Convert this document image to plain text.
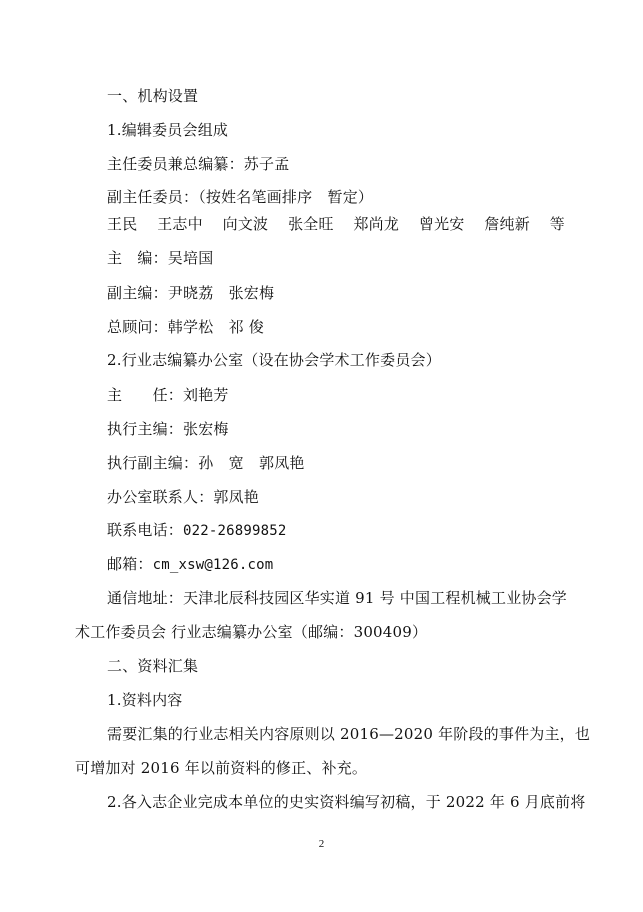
一、机构设置
1.编辑委员会组成
主任委员兼总编纂：苏子孟
副主任委员：（按姓名笔画排序　暂定）
王民 王志中 向文波 张全旺 郑尚龙 曾光安 詹纯新 等
主　编：吴培国
副主编：尹晓荔　张宏梅
总顾问：韩学松　祁 俊
2.行业志编纂办公室（设在协会学术工作委员会）
主　　任：刘艳芳
执行主编：张宏梅
执行副主编：孙　宽　郭凤艳
办公室联系人：郭凤艳
联系电话：022-26899852
邮箱：cm_xsw@126.com
通信地址：天津北辰科技园区华实道 91 号 中国工程机械工业协会学
术工作委员会 行业志编纂办公室（邮编：300409）
二、资料汇集
1.资料内容
需要汇集的行业志相关内容原则以 2016—2020 年阶段的事件为主，也
可增加对 2016 年以前资料的修正、补充。
2.各入志企业完成本单位的史实资料编写初稿，于 2022 年 6 月底前将
2
